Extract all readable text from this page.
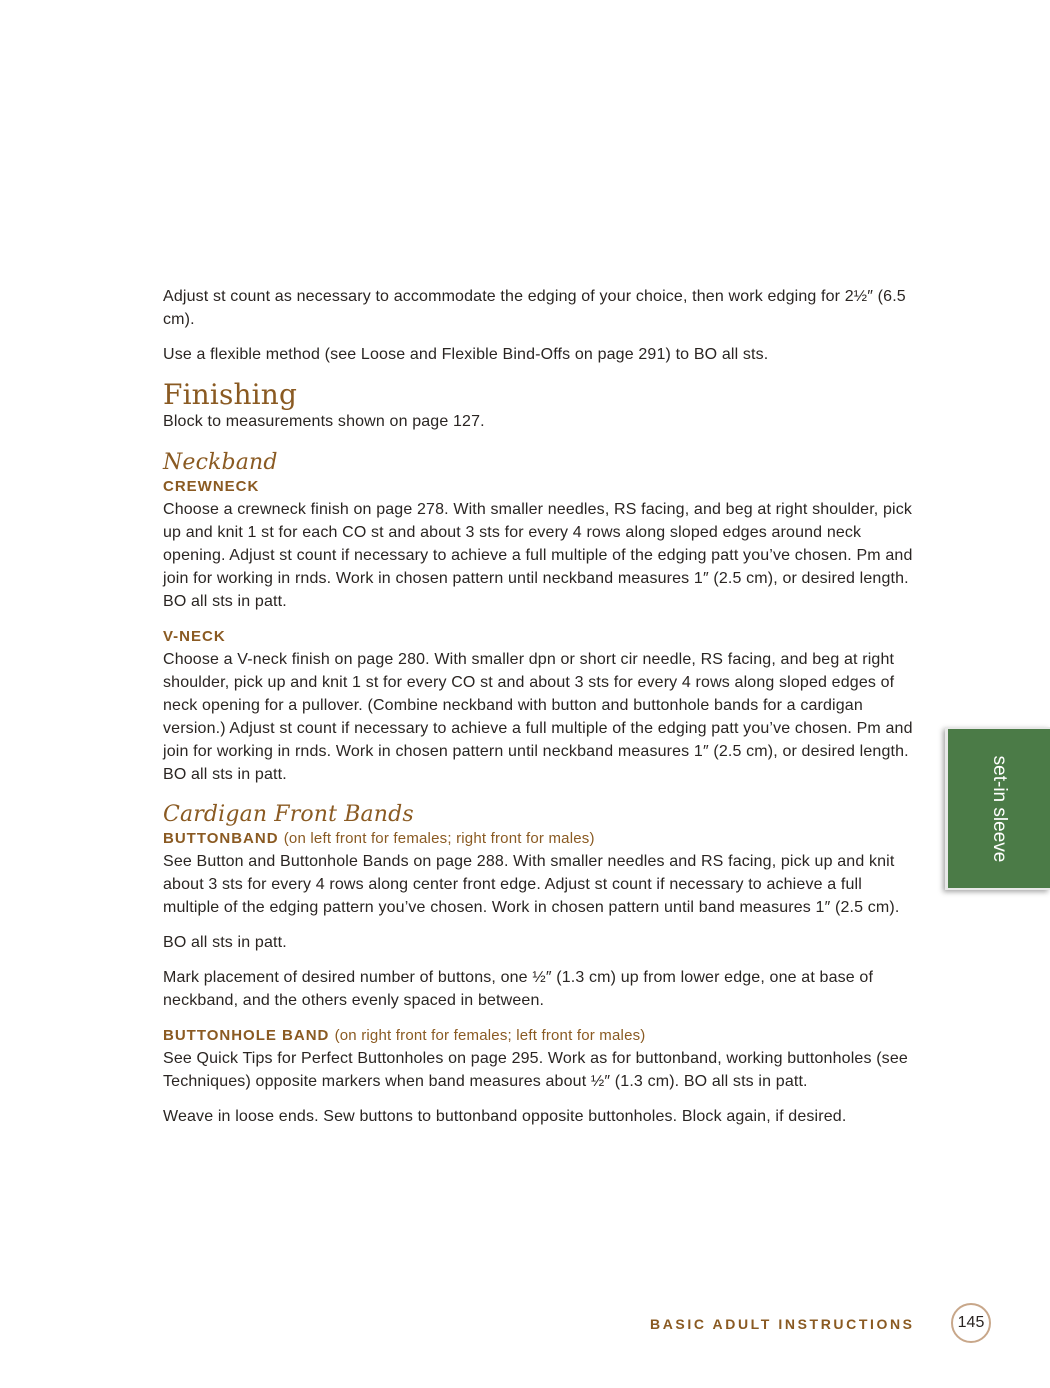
Adjust st count as necessary to accommodate the edging of your choice, then work edging for 2½″ (6.5 cm).

Use a flexible method (see Loose and Flexible Bind-Offs on page 291) to BO all sts.

Finishing

Block to measurements shown on page 127.

Neckband

CREWNECK

Choose a crewneck finish on page 278. With smaller needles, RS facing, and beg at right shoulder, pick up and knit 1 st for each CO st and about 3 sts for every 4 rows along sloped edges around neck opening. Adjust st count if necessary to achieve a full multiple of the edging patt you’ve chosen. Pm and join for working in rnds. Work in chosen pattern until neckband measures 1″ (2.5 cm), or desired length. BO all sts in patt.

V-NECK

Choose a V-neck finish on page 280. With smaller dpn or short cir needle, RS facing, and beg at right shoulder, pick up and knit 1 st for every CO st and about 3 sts for every 4 rows along sloped edges of neck opening for a pullover. (Combine neckband with button and buttonhole bands for a cardigan version.) Adjust st count if necessary to achieve a full multiple of the edging patt you’ve chosen. Pm and join for working in rnds. Work in chosen pattern until neckband measures 1″ (2.5 cm), or desired length. BO all sts in patt.

Cardigan Front Bands

BUTTONBAND (on left front for females; right front for males)

See Button and Buttonhole Bands on page 288. With smaller needles and RS facing, pick up and knit about 3 sts for every 4 rows along center front edge. Adjust st count if necessary to achieve a full multiple of the edging pattern you’ve chosen. Work in chosen pattern until band measures 1″ (2.5 cm).

BO all sts in patt.

Mark placement of desired number of buttons, one ½″ (1.3 cm) up from lower edge, one at base of neckband, and the others evenly spaced in between.

BUTTONHOLE BAND (on right front for females; left front for males)

See Quick Tips for Perfect Buttonholes on page 295. Work as for buttonband, working buttonholes (see Techniques) opposite markers when band measures about ½″ (1.3 cm). BO all sts in patt.

Weave in loose ends. Sew buttons to buttonband opposite buttonholes. Block again, if desired.

set-in sleeve
BASIC ADULT INSTRUCTIONS	145
